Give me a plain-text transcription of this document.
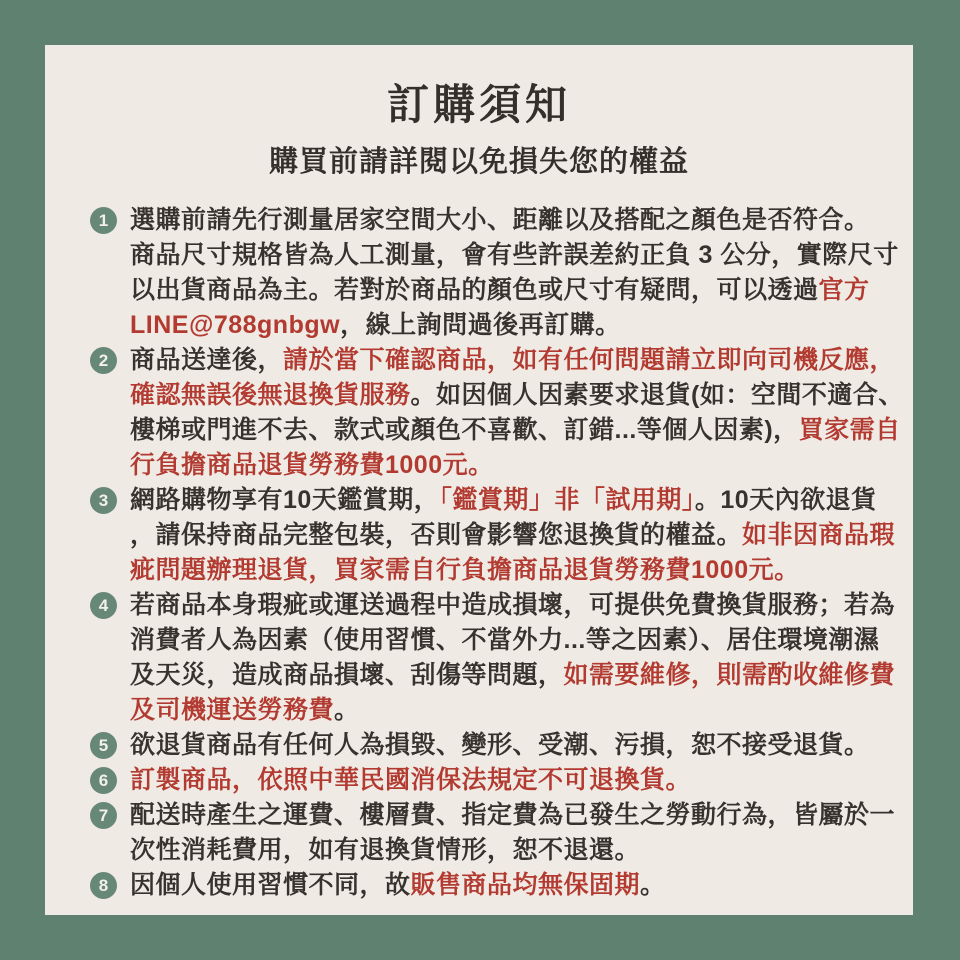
訂購須知
購買前請詳閱以免損失您的權益
1 選購前請先行測量居家空間大小、距離以及搭配之顏色是否符合。
商品尺寸規格皆為人工測量，會有些許誤差約正負 3 公分，實際尺寸
以出貨商品為主。若對於商品的顏色或尺寸有疑問，可以透過官方
LINE@788gnbgw，線上詢問過後再訂購。
2 商品送達後，請於當下確認商品，如有任何問題請立即向司機反應，
確認無誤後無退換貨服務。如因個人因素要求退貨(如：空間不適合、
樓梯或門進不去、款式或顏色不喜歡、訂錯...等個人因素)，買家需自
行負擔商品退貨勞務費1000元。
3 網路購物享有10天鑑賞期，「鑑賞期」非「試用期」。10天內欲退貨
，請保持商品完整包裝，否則會影響您退換貨的權益。如非因商品瑕
疵問題辦理退貨，買家需自行負擔商品退貨勞務費1000元。
4 若商品本身瑕疵或運送過程中造成損壞，可提供免費換貨服務；若為
消費者人為因素（使用習慣、不當外力...等之因素）、居住環境潮濕
及天災，造成商品損壞、刮傷等問題，如需要維修，則需酌收維修費
及司機運送勞務費。
5 欲退貨商品有任何人為損毀、變形、受潮、污損，恕不接受退貨。
6 訂製商品，依照中華民國消保法規定不可退換貨。
7 配送時產生之運費、樓層費、指定費為已發生之勞動行為，皆屬於一
次性消耗費用，如有退換貨情形，恕不退還。
8 因個人使用習慣不同，故販售商品均無保固期。
